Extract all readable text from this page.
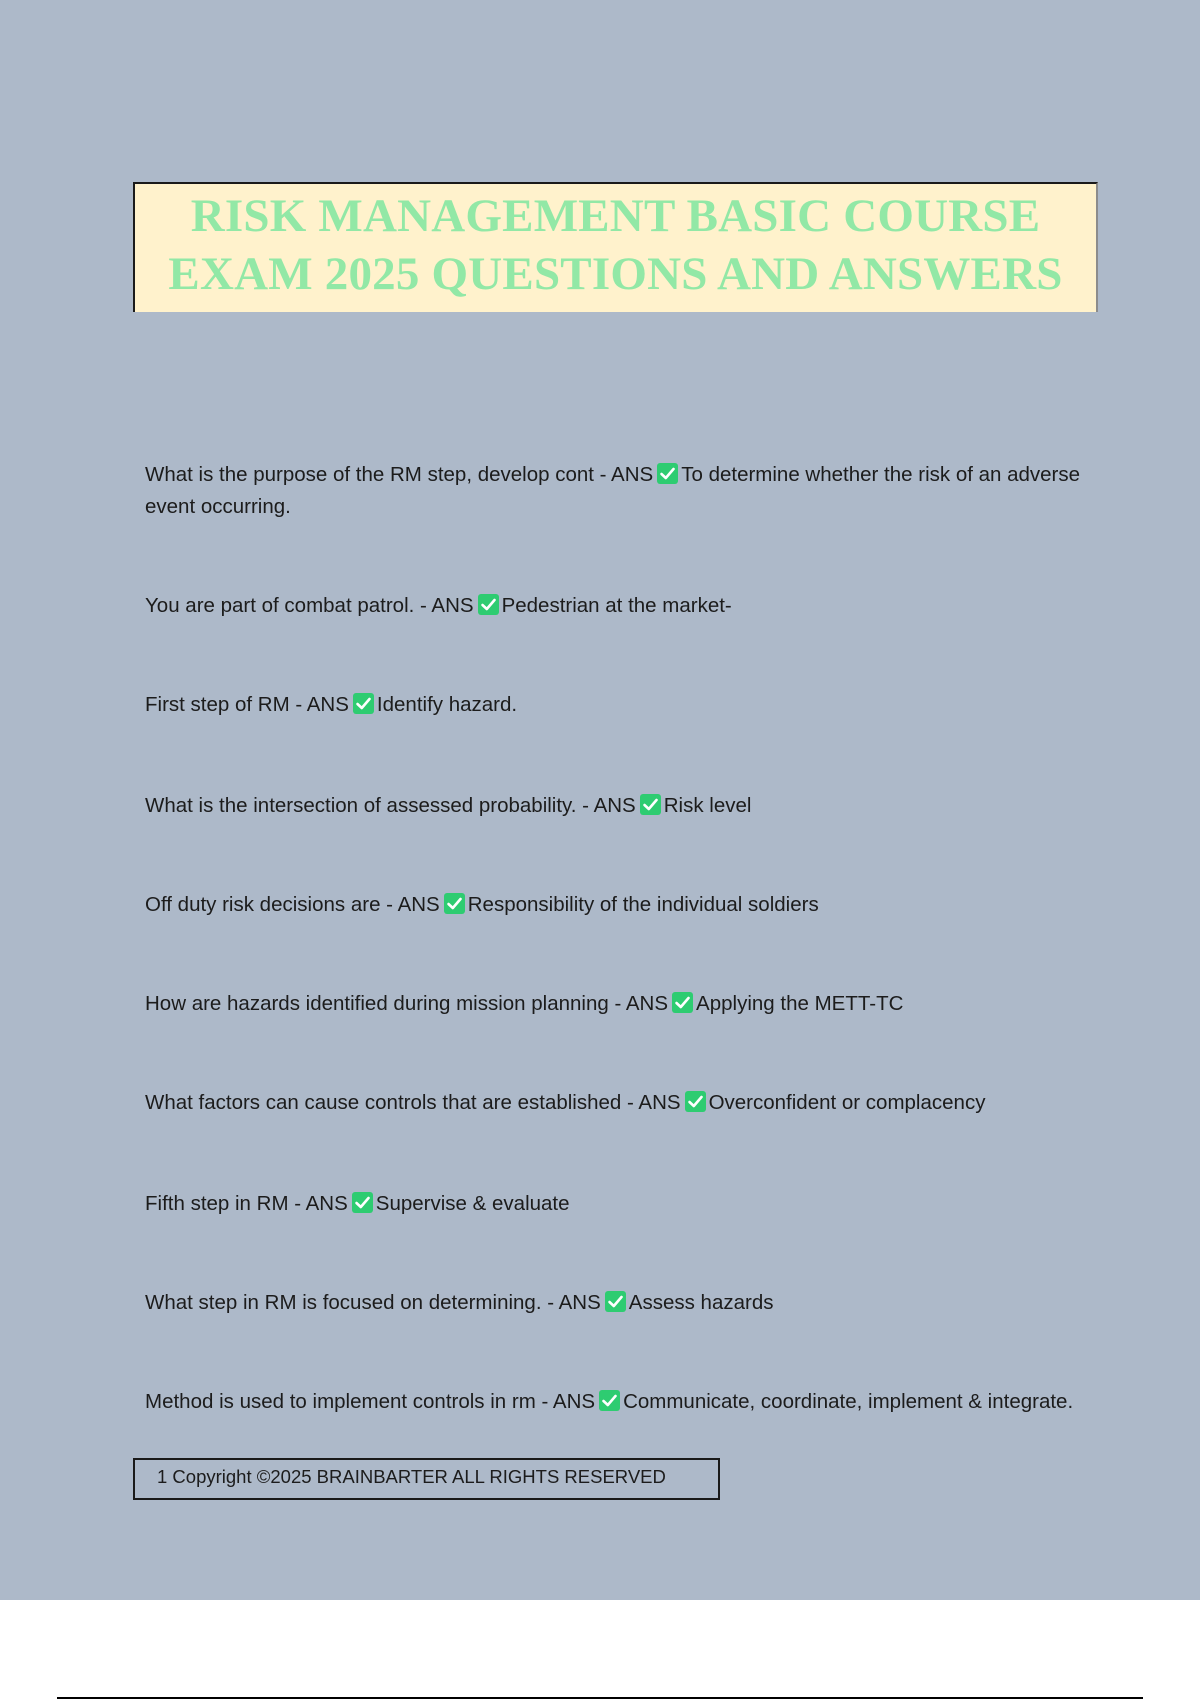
RISK MANAGEMENT BASIC COURSE
EXAM 2025 QUESTIONS AND ANSWERS

What is the purpose of the RM step, develop cont - ANS To determine whether the risk of an adverse event occurring.

You are part of combat patrol. - ANS Pedestrian at the market-

First step of RM - ANS Identify hazard.

What is the intersection of assessed probability. - ANS Risk level

Off duty risk decisions are - ANS Responsibility of the individual soldiers

How are hazards identified during mission planning - ANS Applying the METT-TC

What factors can cause controls that are established - ANS Overconfident or complacency

Fifth step in RM - ANS Supervise & evaluate

What step in RM is focused on determining. - ANS Assess hazards

Method is used to implement controls in rm - ANS Communicate, coordinate, implement & integrate.

1 Copyright ©2025 BRAINBARTER ALL RIGHTS RESERVED
